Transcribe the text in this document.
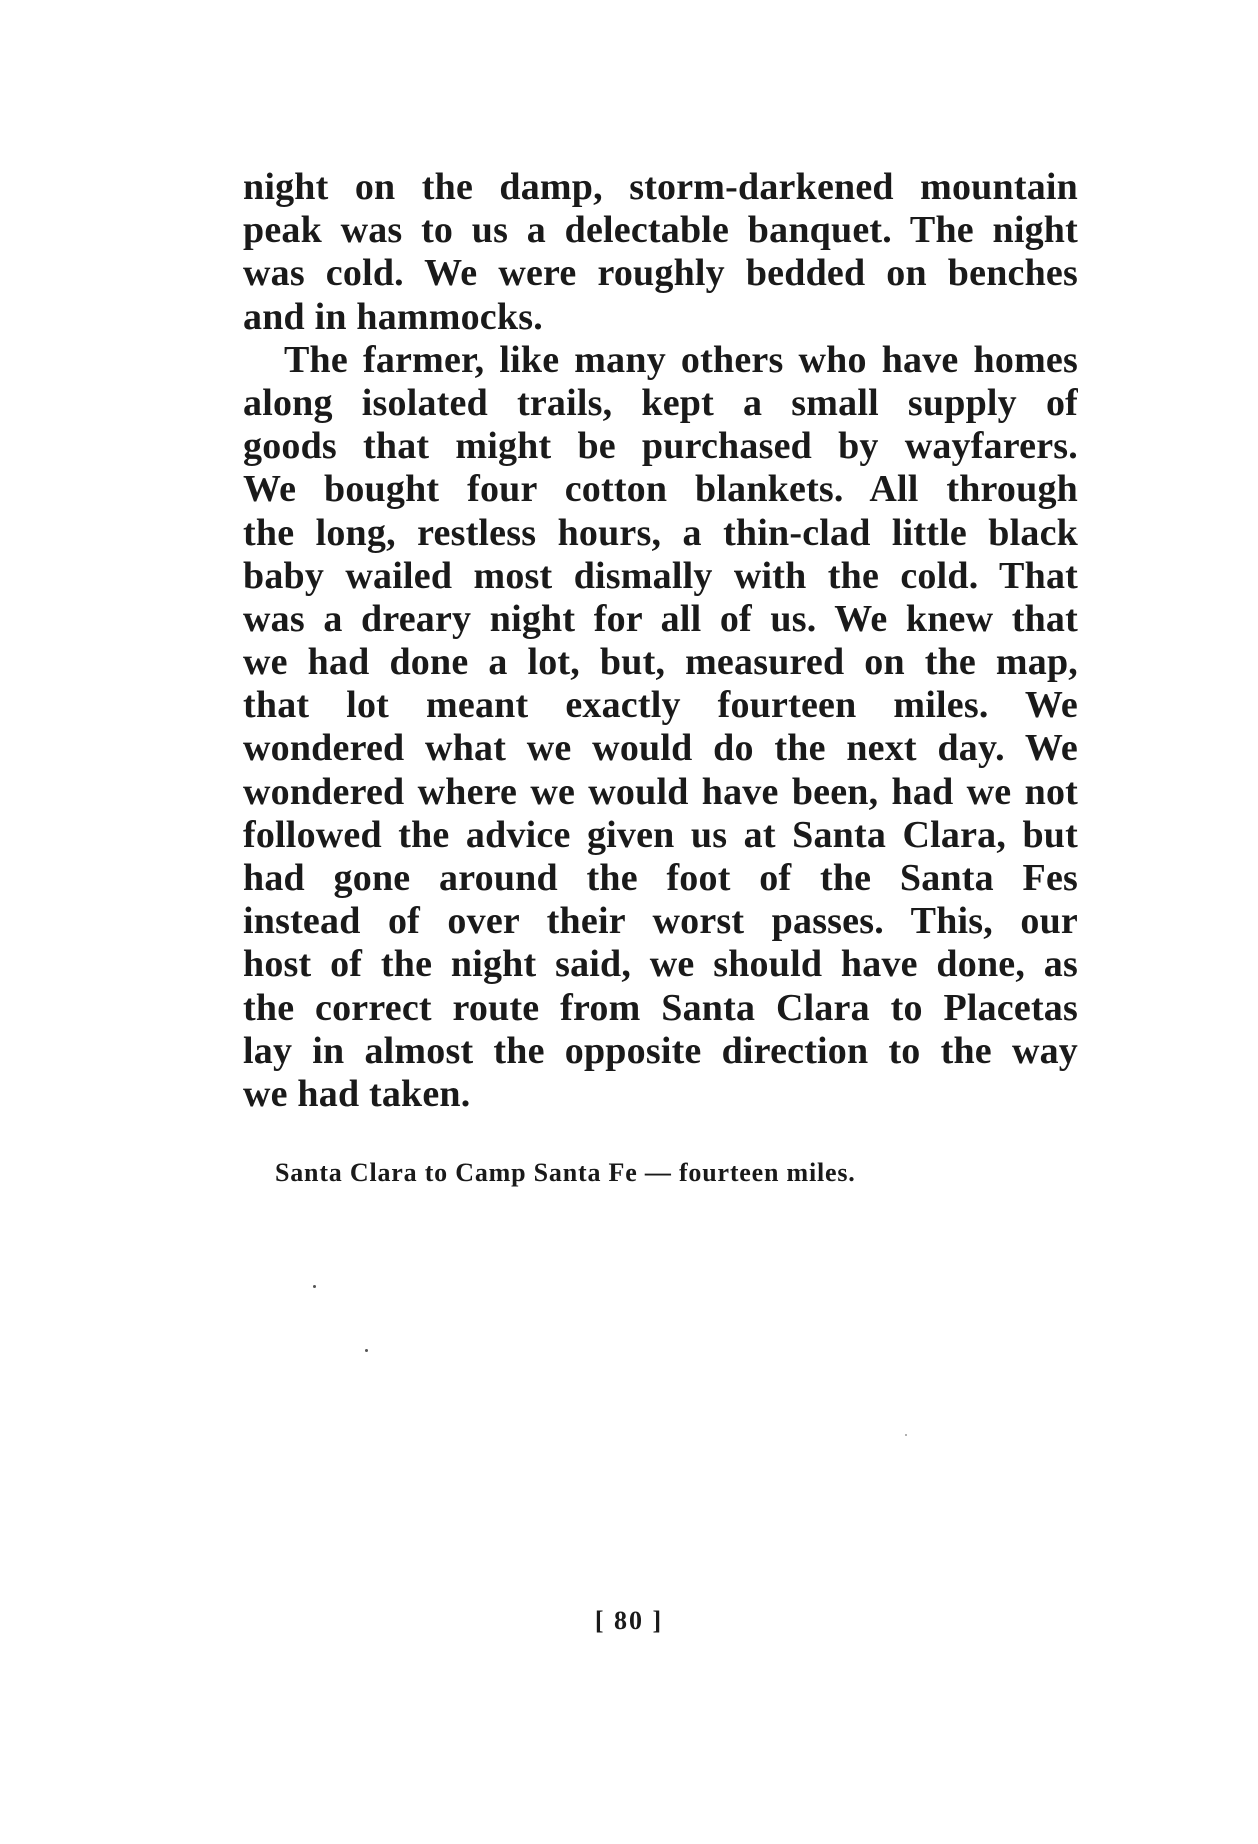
night on the damp, storm-darkened mountain
peak was to us a delectable banquet. The night
was cold. We were roughly bedded on benches
and in hammocks.
The farmer, like many others who have homes
along isolated trails, kept a small supply of
goods that might be purchased by wayfarers.
We bought four cotton blankets. All through
the long, restless hours, a thin-clad little black
baby wailed most dismally with the cold. That
was a dreary night for all of us. We knew that
we had done a lot, but, measured on the map,
that lot meant exactly fourteen miles. We
wondered what we would do the next day. We
wondered where we would have been, had we not
followed the advice given us at Santa Clara, but
had gone around the foot of the Santa Fes
instead of over their worst passes. This, our
host of the night said, we should have done, as
the correct route from Santa Clara to Placetas
lay in almost the opposite direction to the way
we had taken.
Santa Clara to Camp Santa Fe — fourteen miles.
[ 80 ]
